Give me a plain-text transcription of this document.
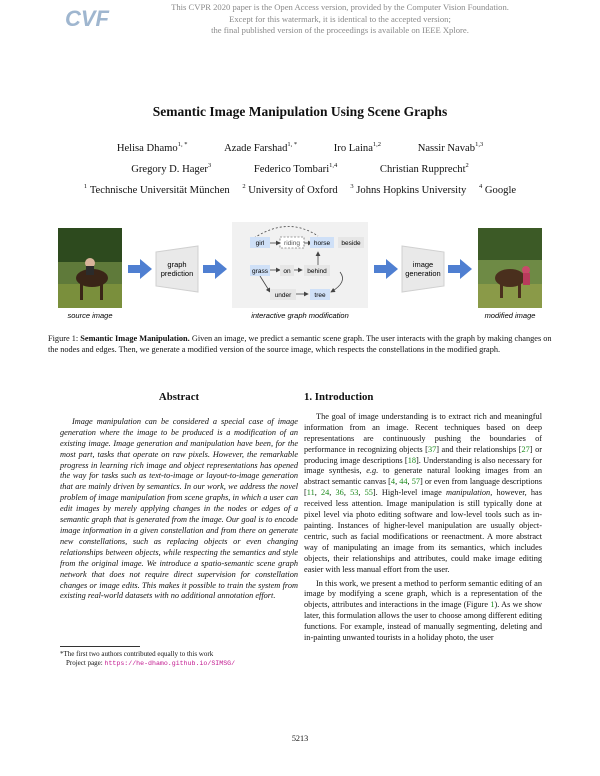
CVF	This CVPR 2020 paper is the Open Access version, provided by the Computer Vision Foundation.
Except for this watermark, it is identical to the accepted version;
the final published version of the proceedings is available on IEEE Xplore.
Semantic Image Manipulation Using Scene Graphs
Helisa Dhamo$^{1, *}$	Azade Farshad$^{1, *}$	Iro Laina$^{1,2}$	Nassir Navab$^{1,3}$
Gregory D. Hager$^3$	Federico Tombari$^{1,4}$	Christian Rupprecht$^2$
$^1$ Technische Universität München $^2$ University of Oxford $^3$ Johns Hopkins University $^4$ Google
source image
graph
prediction
girl	riding horse
grass on	behind
under	tree
beside
interactive graph modification
image
generation
modified image
Figure 1: Semantic Image Manipulation. Given an image, we predict a semantic scene graph. The user interacts with the graph by making changes on the nodes and edges. Then, we generate a modified version of the source image, which respects the constellations in the modified graph.
Abstract

Image manipulation can be considered a special case of image generation where the image to be produced is a modification of an existing image. Image generation and manipulation have been, for the most part, tasks that operate on raw pixels. However, the remarkable progress in learning rich image and object representations has opened the way for tasks such as text-to-image or layout-to-image generation that are mainly driven by semantics. In our work, we address the novel problem of image manipulation from scene graphs, in which a user can edit images by merely applying changes in the nodes or edges of a semantic graph that is generated from the image. Our goal is to encode image information in a given constellation and from there on generate new constellations, such as replacing objects or even changing relationships between objects, while respecting the semantics and style from the original image. We introduce a spatio-semantic scene graph network that does not require direct supervision for constellation changes or image edits. This makes it possible to train the system from existing real-world datasets with no additional annotation effort.

*The first two authors contributed equally to this work
Project page: https://he-dhamo.github.io/SIMSG/
1. Introduction

The goal of image understanding is to extract rich and meaningful information from an image. Recent techniques based on deep representations are continuously pushing the boundaries of performance in recognizing objects [37] and their relationships [27] or producing image descriptions [18]. Understanding is also necessary for image synthesis, e.g. to generate natural looking images from an abstract semantic canvas [4, 44, 57] or even from language descriptions [11, 24, 36, 53, 55]. High-level image manipulation, however, has received less attention. Image manipulation is still typically done at pixel level via photo editing software and low-level tools such as in-painting. Instances of higher-level manipulation are usually object-centric, such as facial modifications or reenactment. A more abstract way of manipulating an image from its semantics, which includes objects, their relationships and attributes, could make image editing easier with less manual effort from the user.

In this work, we present a method to perform semantic editing of an image by modifying a scene graph, which is a representation of the objects, attributes and interactions in the image (Figure 1). As we show later, this formulation allows the user to choose among different editing functions. For example, instead of manually segmenting, deleting and in-painting unwanted tourists in a holiday photo, the user

5213
